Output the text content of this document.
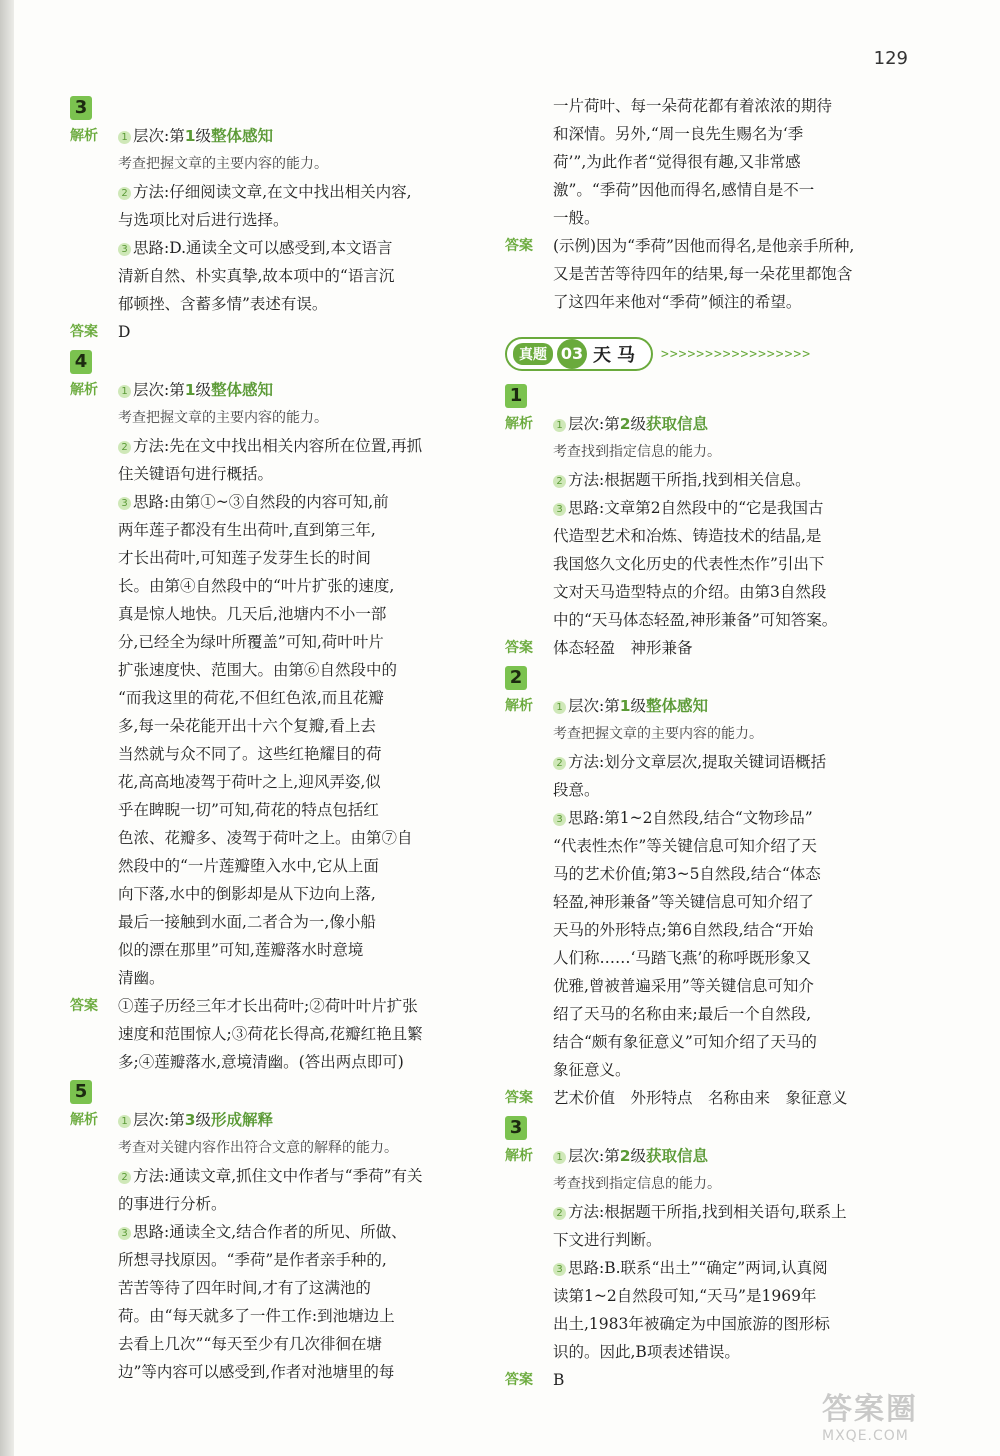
129
3
解析	1 层次:第1级整体感知
考查把握文章的主要内容的能力。
2 方法:仔细阅读文章,在文中找出相关内容,
与选项比对后进行选择。
3 思路:D.通读全文可以感受到,本文语言
清新自然、朴实真挚,故本项中的“语言沉
郁顿挫、含蓄多情”表述有误。
答案	D
4
解析	1 层次:第1级整体感知
考查把握文章的主要内容的能力。
2 方法:先在文中找出相关内容所在位置,再抓
住关键语句进行概括。
3 思路:由第①~③自然段的内容可知,前
两年莲子都没有生出荷叶,直到第三年,
才长出荷叶,可知莲子发芽生长的时间
长。由第④自然段中的“叶片扩张的速度,
真是惊人地快。几天后,池塘内不小一部
分,已经全为绿叶所覆盖”可知,荷叶叶片
扩张速度快、范围大。由第⑥自然段中的
“而我这里的荷花,不但红色浓,而且花瓣
多,每一朵花能开出十六个复瓣,看上去
当然就与众不同了。这些红艳耀目的荷
花,高高地凌驾于荷叶之上,迎风弄姿,似
乎在睥睨一切”可知,荷花的特点包括红
色浓、花瓣多、凌驾于荷叶之上。由第⑦自
然段中的“一片莲瓣堕入水中,它从上面
向下落,水中的倒影却是从下边向上落,
最后一接触到水面,二者合为一,像小船
似的漂在那里”可知,莲瓣落水时意境
清幽。
答案	①莲子历经三年才长出荷叶;②荷叶叶片扩张
速度和范围惊人;③荷花长得高,花瓣红艳且繁
多;④莲瓣落水,意境清幽。(答出两点即可)
5
解析	1 层次:第3级形成解释
考查对关键内容作出符合文意的解释的能力。
2 方法:通读文章,抓住文中作者与“季荷”有关
的事进行分析。
3 思路:通读全文,结合作者的所见、所做、
所想寻找原因。“季荷”是作者亲手种的,
苦苦等待了四年时间,才有了这满池的
荷。由“每天就多了一件工作:到池塘边上
去看上几次”“每天至少有几次徘徊在塘
边”等内容可以感受到,作者对池塘里的每
一片荷叶、每一朵荷花都有着浓浓的期待
和深情。另外,“周一良先生赐名为‘季
荷’”,为此作者“觉得很有趣,又非常感
激”。“季荷”因他而得名,感情自是不一
一般。
答案	(示例)因为“季荷”因他而得名,是他亲手所种,
又是苦苦等待四年的结果,每一朵花里都饱含
了这四年来他对“季荷”倾注的希望。
真题 03 天马 >>>>>>>>>>>>>>>>>
1
解析	1 层次:第2级获取信息
考查找到指定信息的能力。
2 方法:根据题干所指,找到相关信息。
3 思路:文章第2自然段中的“它是我国古
代造型艺术和冶炼、铸造技术的结晶,是
我国悠久文化历史的代表性杰作”引出下
文对天马造型特点的介绍。由第3自然段
中的“天马体态轻盈,神形兼备”可知答案。
答案	体态轻盈　神形兼备
2
解析	1 层次:第1级整体感知
考查把握文章的主要内容的能力。
2 方法:划分文章层次,提取关键词语概括
段意。
3 思路:第1~2自然段,结合“文物珍品”
“代表性杰作”等关键信息可知介绍了天
马的艺术价值;第3~5自然段,结合“体态
轻盈,神形兼备”等关键信息可知介绍了
天马的外形特点;第6自然段,结合“开始
人们称……‘马踏飞燕’的称呼既形象又
优雅,曾被普遍采用”等关键信息可知介
绍了天马的名称由来;最后一个自然段,
结合“颇有象征意义”可知介绍了天马的
象征意义。
答案	艺术价值　外形特点　名称由来　象征意义
3
解析	1 层次:第2级获取信息
考查找到指定信息的能力。
2 方法:根据题干所指,找到相关语句,联系上
下文进行判断。
3 思路:B.联系“出土”“确定”两词,认真阅
读第1~2自然段可知,“天马”是1969年
出土,1983年被确定为中国旅游的图形标
识的。因此,B项表述错误。
答案	B
答案圈
MXQE.COM
